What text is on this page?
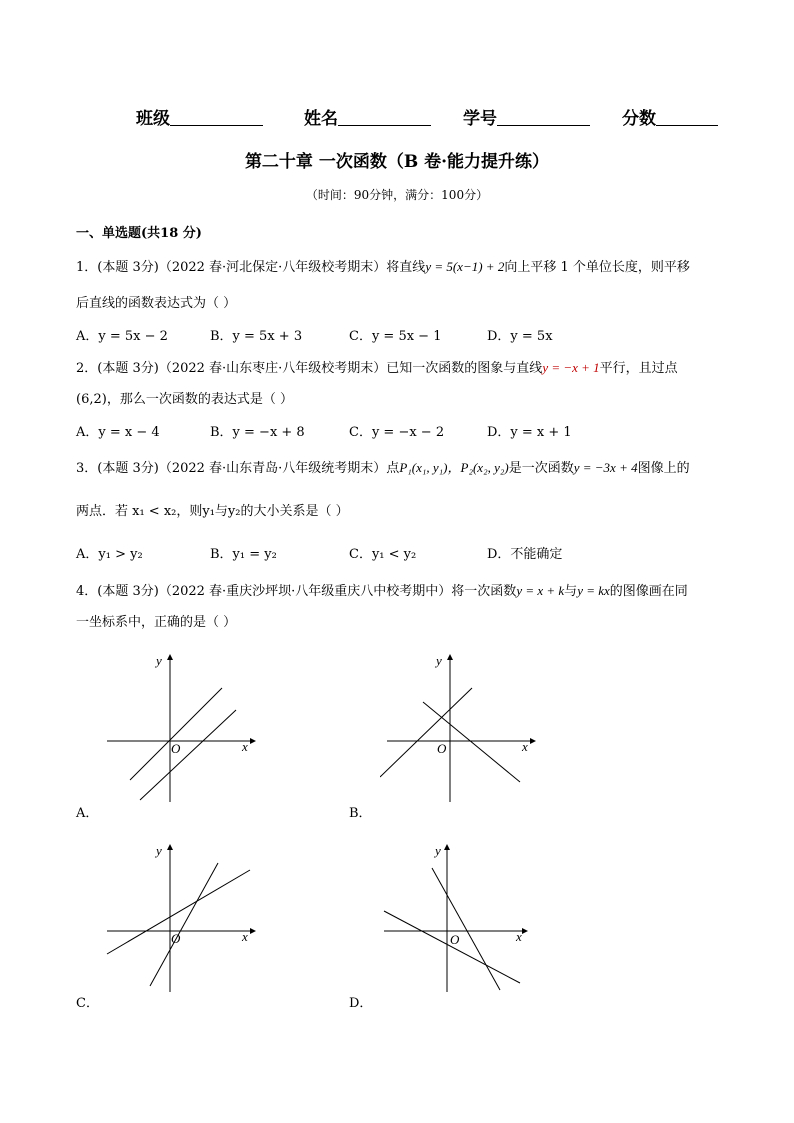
班级	姓名	学号	分数
第二十章 一次函数（B 卷·能力提升练）
（时间：90分钟，满分：100分）
一、单选题(共18 分)
1．(本题 3分)（2022 春·河北保定·八年级校考期末）将直线y = 5(x−1) + 2向上平移 1 个单位长度，则平移
后直线的函数表达式为（ ）
A．y = 5x − 2	B．y = 5x + 3	C．y = 5x − 1	D．y = 5x
2．(本题 3分)（2022 春·山东枣庄·八年级校考期末）已知一次函数的图象与直线y = −x + 1平行，且过点
(6,2)，那么一次函数的表达式是（ ）
A．y = x − 4	B．y = −x + 8	C．y = −x − 2	D．y = x + 1
3．(本题 3分)（2022 春·山东青岛·八年级统考期末）点P₁(x₁, y₁)，P₂(x₂, y₂)是一次函数y = −3x + 4图像上的
两点．若 x₁ < x₂，则y₁与y₂的大小关系是（ ）
A．y₁ > y₂	B．y₁ = y₂	C．y₁ < y₂	D．不能确定
4．(本题 3分)（2022 春·重庆沙坪坝·八年级重庆八中校考期中）将一次函数y = x + k与y = kx的图像画在同
一坐标系中，正确的是（ ）
x
y
O
A．
x
y
O
B．
x
y
O
C．
x
y
O
D．
